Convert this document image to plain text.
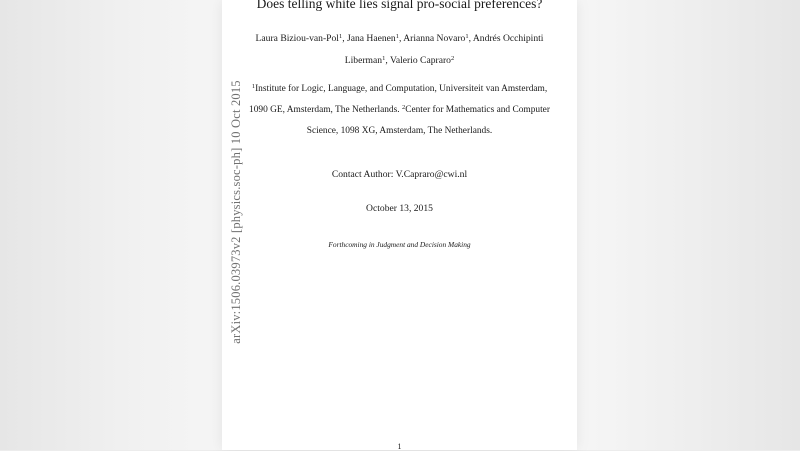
Does telling white lies signal pro-social preferences?
Laura Biziou-van-Pol$^1$, Jana Haenen$^1$, Arianna Novaro$^1$, Andrés Occhipinti
Liberman$^1$, Valerio Capraro$^2$
$^1$Institute for Logic, Language, and Computation, Universiteit van Amsterdam,
1090 GE, Amsterdam, The Netherlands. $^2$Center for Mathematics and Computer
Science, 1098 XG, Amsterdam, The Netherlands.
Contact Author: V.Capraro@cwi.nl
October 13, 2015
Forthcoming in Judgment and Decision Making
1
arXiv:1506.03973v2 [physics.soc-ph] 10 Oct 2015
